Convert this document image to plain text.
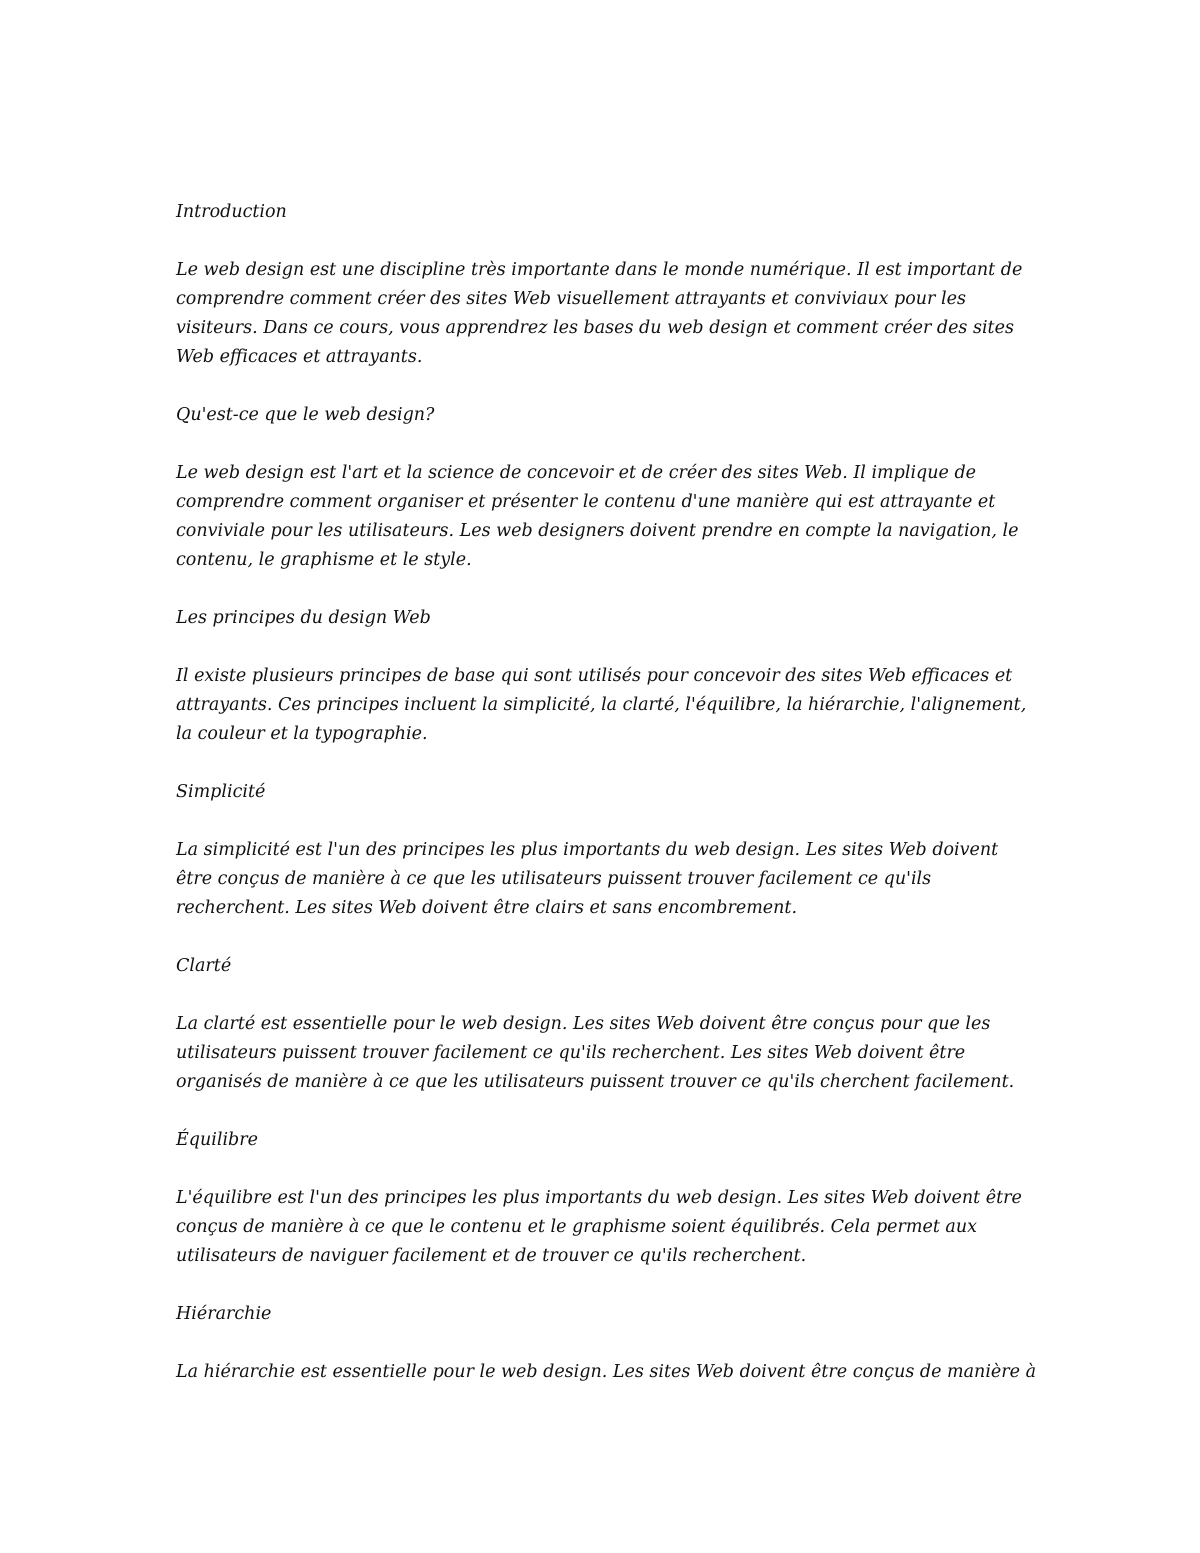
Introduction

Le web design est une discipline très importante dans le monde numérique. Il est important de comprendre comment créer des sites Web visuellement attrayants et conviviaux pour les visiteurs. Dans ce cours, vous apprendrez les bases du web design et comment créer des sites Web efficaces et attrayants.

Qu'est-ce que le web design?

Le web design est l'art et la science de concevoir et de créer des sites Web. Il implique de comprendre comment organiser et présenter le contenu d'une manière qui est attrayante et conviviale pour les utilisateurs. Les web designers doivent prendre en compte la navigation, le contenu, le graphisme et le style.

Les principes du design Web

Il existe plusieurs principes de base qui sont utilisés pour concevoir des sites Web efficaces et attrayants. Ces principes incluent la simplicité, la clarté, l'équilibre, la hiérarchie, l'alignement, la couleur et la typographie.

Simplicité

La simplicité est l'un des principes les plus importants du web design. Les sites Web doivent être conçus de manière à ce que les utilisateurs puissent trouver facilement ce qu'ils recherchent. Les sites Web doivent être clairs et sans encombrement.

Clarté

La clarté est essentielle pour le web design. Les sites Web doivent être conçus pour que les utilisateurs puissent trouver facilement ce qu'ils recherchent. Les sites Web doivent être organisés de manière à ce que les utilisateurs puissent trouver ce qu'ils cherchent facilement.

Équilibre

L'équilibre est l'un des principes les plus importants du web design. Les sites Web doivent être conçus de manière à ce que le contenu et le graphisme soient équilibrés. Cela permet aux utilisateurs de naviguer facilement et de trouver ce qu'ils recherchent.

Hiérarchie

La hiérarchie est essentielle pour le web design. Les sites Web doivent être conçus de manière à
